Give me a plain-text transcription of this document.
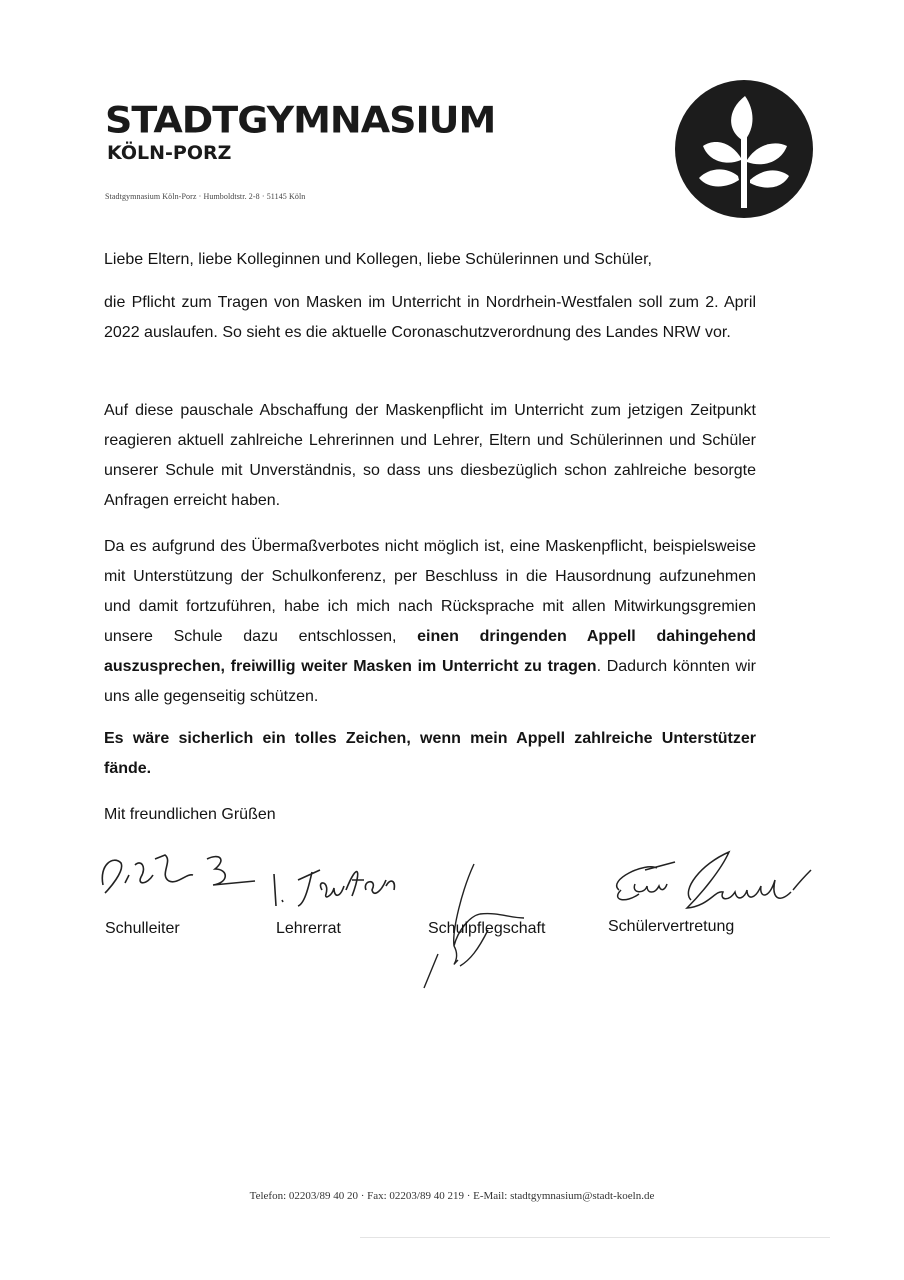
STADTGYMNASIUM
KÖLN-PORZ
Stadtgymnasium Köln-Porz · Humboldtstr. 2-8 · 51145 Köln
Liebe Eltern, liebe Kolleginnen und Kollegen, liebe Schülerinnen und Schüler,

die Pflicht zum Tragen von Masken im Unterricht in Nordrhein-Westfalen soll zum 2. April 2022 auslaufen. So sieht es die aktuelle Coronaschutzverordnung des Landes NRW vor.

Auf diese pauschale Abschaffung der Maskenpflicht im Unterricht zum jetzigen Zeitpunkt reagieren aktuell zahlreiche Lehrerinnen und Lehrer, Eltern und Schülerinnen und Schüler unserer Schule mit Unverständnis, so dass uns diesbezüglich schon zahlreiche besorgte Anfragen erreicht haben.

Da es aufgrund des Übermaßverbotes nicht möglich ist, eine Maskenpflicht, beispielsweise mit Unterstützung der Schulkonferenz, per Beschluss in die Hausordnung aufzunehmen und damit fortzuführen, habe ich mich nach Rücksprache mit allen Mitwirkungsgremien unsere Schule dazu entschlossen, einen dringenden Appell dahingehend auszusprechen, freiwillig weiter Masken im Unterricht zu tragen. Dadurch könnten wir uns alle gegenseitig schützen.

Es wäre sicherlich ein tolles Zeichen, wenn mein Appell zahlreiche Unterstützer fände.

Mit freundlichen Grüßen
Schulleiter	Lehrerrat	Schulpflegschaft	Schülervertretung
Telefon: 02203/89 40 20 · Fax: 02203/89 40 219 · E-Mail: stadtgymnasium@stadt-koeln.de
